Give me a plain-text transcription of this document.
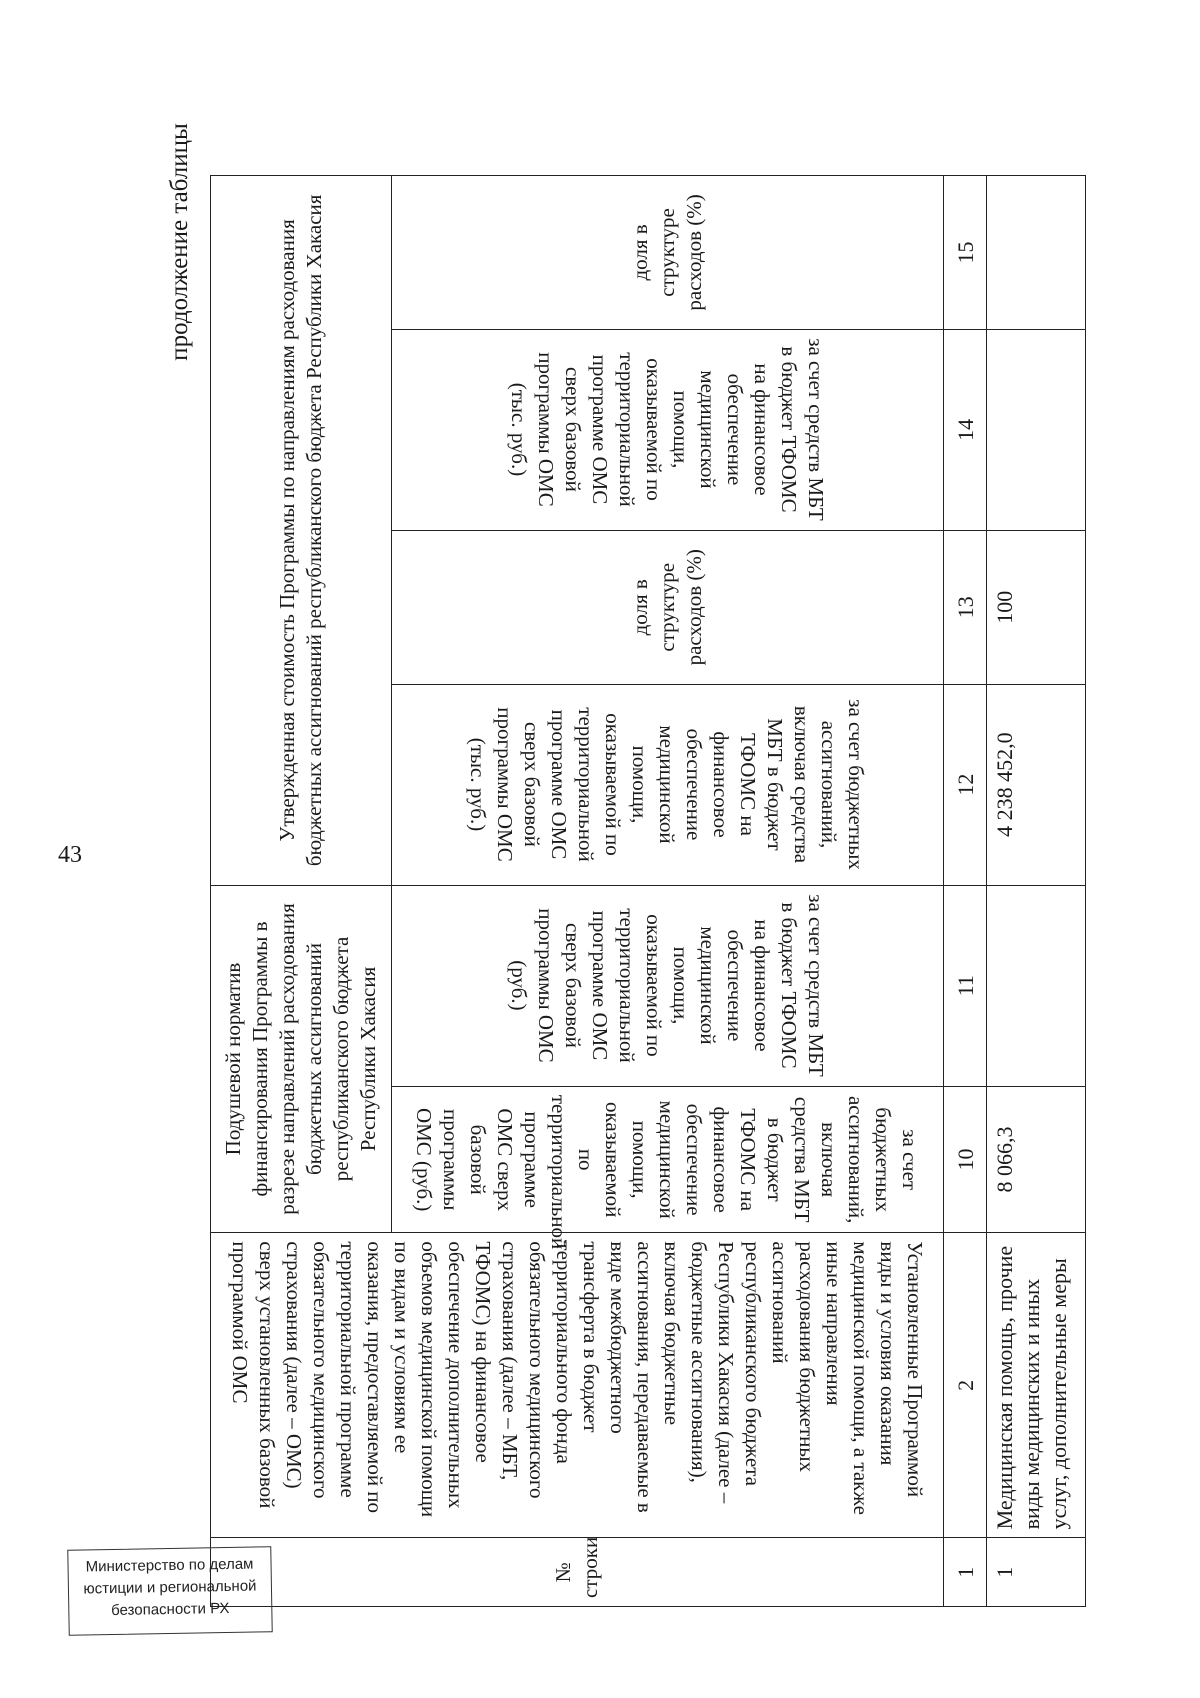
43
продолжение таблицы
№ строки	Установленные Программой виды и условия оказания медицинской помощи, а также иные направления расходования бюджетных ассигнований республиканского бюджета Республики Хакасия (далее – бюджетные ассигнования), включая бюджетные ассигнования, передаваемые в виде межбюджетного трансферта в бюджет территориального фонда обязательного медицинского страхования (далее – МБТ, ТФОМС) на финансовое обеспечение дополнительных объемов медицинской помощи по видам и условиям ее оказания, предоставляемой по территориальной программе обязательного медицинского страхования (далее – ОМС) сверх установленных базовой программой ОМС	Подушевой норматив финансирования Программы в разрезе направлений расходования бюджетных ассигнований республиканского бюджета Республики Хакасия		Утвержденная стоимость Программы по направлениям расходования бюджетных ассигнований республиканского бюджета Республики Хакасия			
		за счет бюджетных ассигнований, включая средства МБТ в бюджет ТФОМС на финансовое обеспечение медицинской помощи, оказываемой по территориальной программе ОМС сверх базовой программы ОМС (руб.)	за счет средств МБТ в бюджет ТФОМС на финансовое обеспечение медицинской помощи, оказываемой по территориальной программе ОМС сверх базовой программы ОМС (руб.)	за счет бюджетных ассигнований, включая средства МБТ в бюджет ТФОМС на финансовое обеспечение медицинской помощи, оказываемой по территориальной программе ОМС сверх базовой программы ОМС (тыс. руб.)	доля в структуре расходов (%)	за счет средств МБТ в бюджет ТФОМС на финансовое обеспечение медицинской помощи, оказываемой по территориальной программе ОМС сверх базовой программы ОМС (тыс. руб.)	доля в структуре расходов (%)
1	2	10	11	12	13	14	15
1	Медицинская помощь, прочие виды медицинских и иных услуг, дополнительные меры	8 066,3		4 238 452,0	100		
Министерство по делам
юстиции и региональной
безопасности РХ
